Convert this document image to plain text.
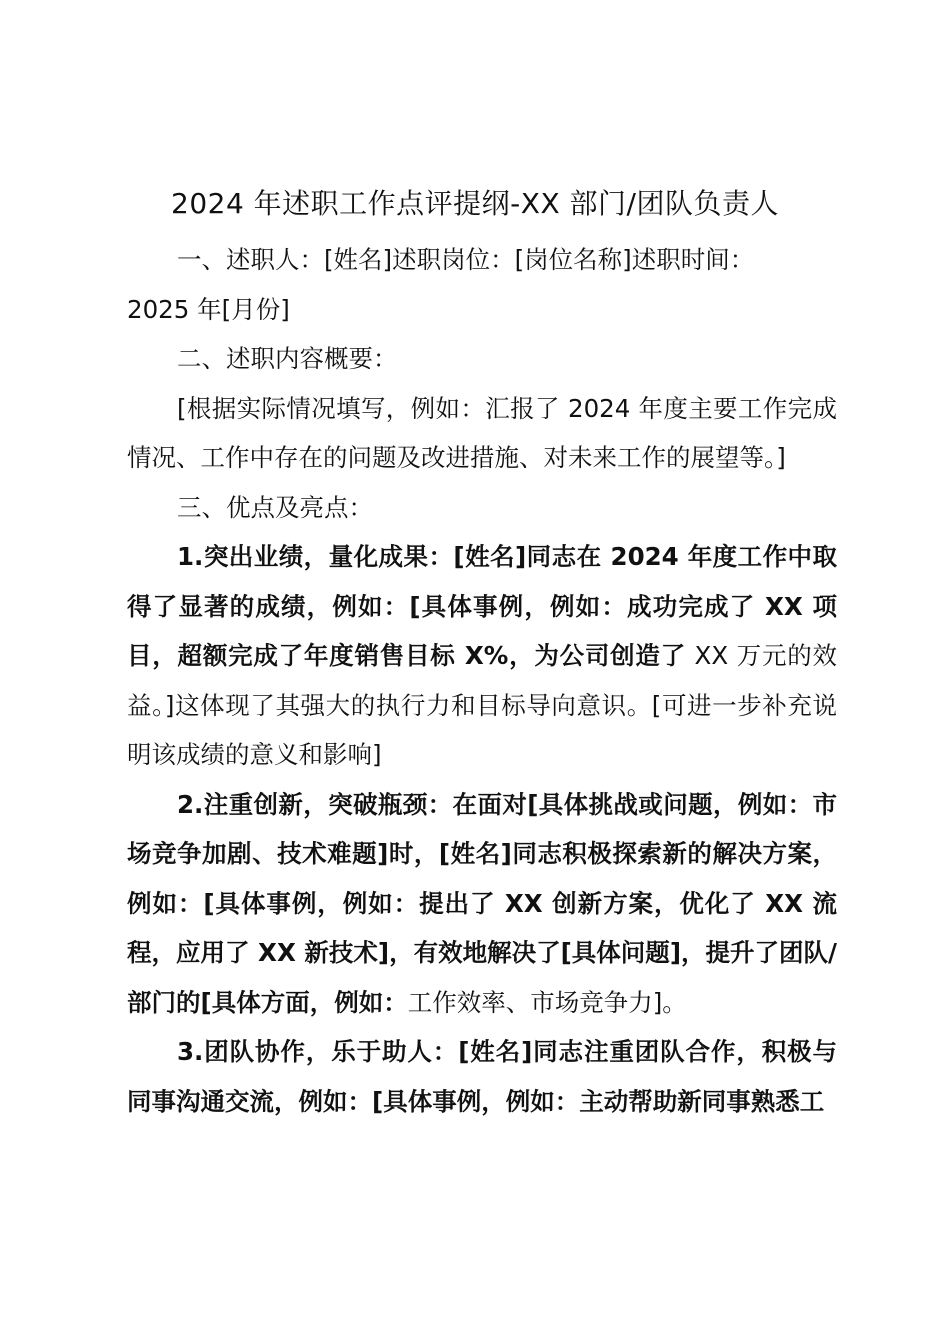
2024 年述职工作点评提纲-XX 部门/团队负责人

一、述职人：[姓名]述职岗位：[岗位名称]述职时间：

2025 年[月份]

二、述职内容概要：

[根据实际情况填写，例如：汇报了 2024 年度主要工作完成情况、工作中存在的问题及改进措施、对未来工作的展望等。]

三、优点及亮点：

1.突出业绩，量化成果：[姓名]同志在 2024 年度工作中取得了显著的成绩，例如：[具体事例，例如：成功完成了 XX 项目，超额完成了年度销售目标 X%，为公司创造了 XX 万元的效益。]这体现了其强大的执行力和目标导向意识。[可进一步补充说明该成绩的意义和影响]

2.注重创新，突破瓶颈：在面对[具体挑战或问题，例如：市场竞争加剧、技术难题]时，[姓名]同志积极探索新的解决方案，例如：[具体事例，例如：提出了 XX 创新方案，优化了 XX 流程，应用了 XX 新技术]，有效地解决了[具体问题]，提升了团队/部门的[具体方面，例如：工作效率、市场竞争力]。

3.团队协作，乐于助人：[姓名]同志注重团队合作，积极与同事沟通交流，例如：[具体事例，例如：主动帮助新同事熟悉工
